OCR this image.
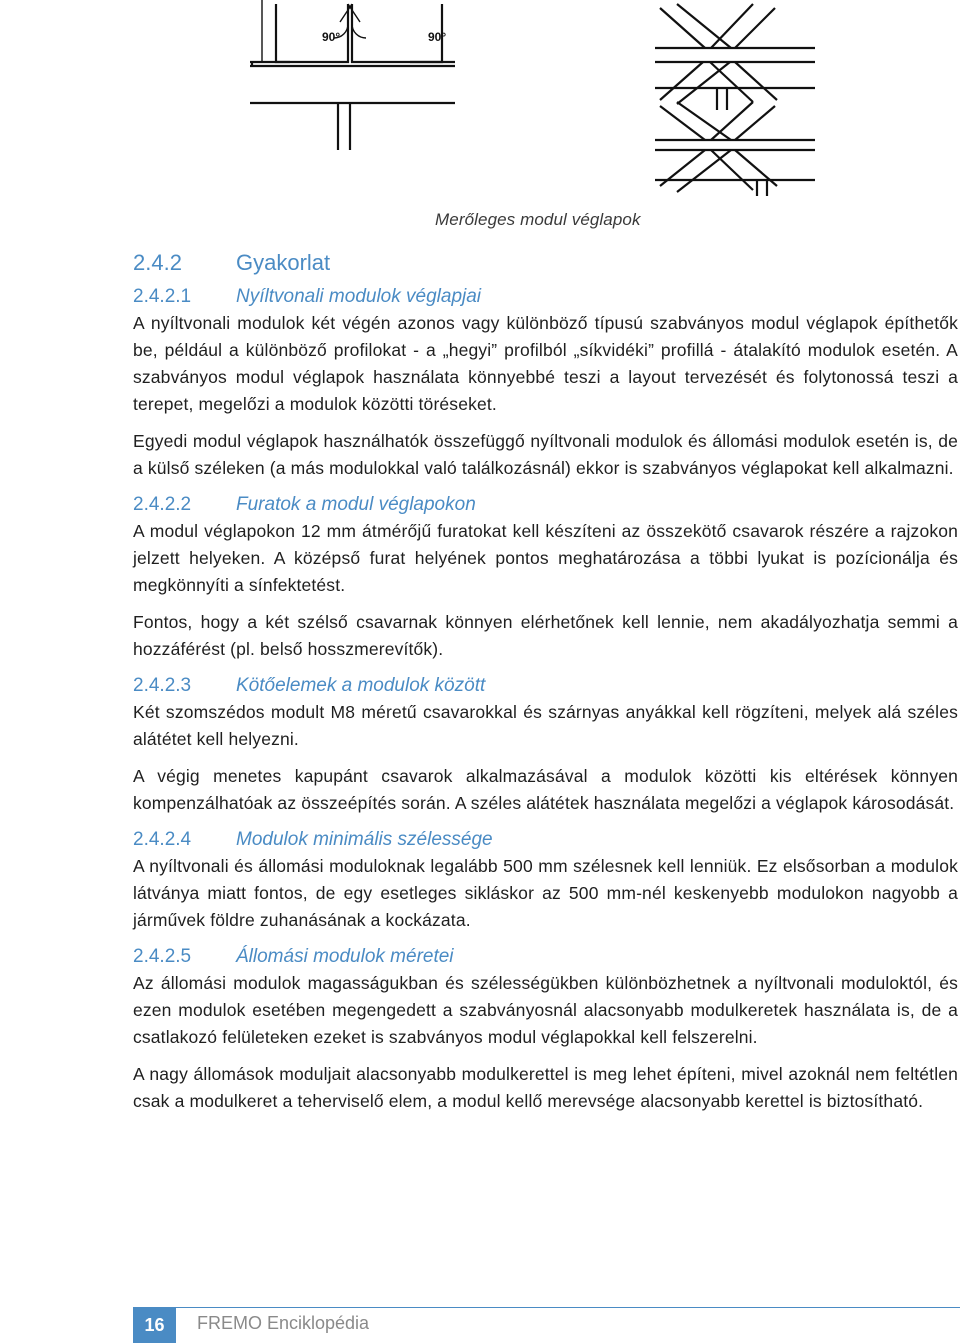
90°	90°
Merőleges modul véglapok
2.4.2	Gyakorlat
2.4.2.1	Nyíltvonali modulok véglapjai

A nyíltvonali modulok két végén azonos vagy különböző típusú szabványos modul véglapok építhetők be, például a különböző profilokat - a „hegyi” profilból „síkvidéki” profillá - átalakító modulok esetén. A szabványos modul véglapok használata könnyebbé teszi a layout tervezését és folytonossá teszi a terepet, megelőzi a modulok közötti töréseket.

Egyedi modul véglapok használhatók összefüggő nyíltvonali modulok és állomási modulok esetén is, de a külső széleken (a más modulokkal való találkozásnál) ekkor is szabványos véglapokat kell alkalmazni.

2.4.2.2	Furatok a modul véglapokon

A modul véglapokon 12 mm átmérőjű furatokat kell készíteni az összekötő csavarok részére a rajzokon jelzett helyeken. A középső furat helyének pontos meghatározása a többi lyukat is pozícionálja és megkönnyíti a sínfektetést.

Fontos, hogy a két szélső csavarnak könnyen elérhetőnek kell lennie, nem akadályozhatja semmi a hozzáférést (pl. belső hosszmerevítők).

2.4.2.3	Kötőelemek a modulok között

Két szomszédos modult M8 méretű csavarokkal és szárnyas anyákkal kell rögzíteni, melyek alá széles alátétet kell helyezni.

A végig menetes kapupánt csavarok alkalmazásával a modulok közötti kis eltérések könnyen kompenzálhatóak az összeépítés során. A széles alátétek használata megelőzi a véglapok károsodását.

2.4.2.4	Modulok minimális szélessége

A nyíltvonali és állomási moduloknak legalább 500 mm szélesnek kell lenniük. Ez elsősorban a modulok látványa miatt fontos, de egy esetleges sikláskor az 500 mm-nél keskenyebb modulokon nagyobb a járművek földre zuhanásának a kockázata.

2.4.2.5	Állomási modulok méretei

Az állomási modulok magasságukban és szélességükben különbözhetnek a nyíltvonali moduloktól, és ezen modulok esetében megengedett a szabványosnál alacsonyabb modulkeretek használata is, de a csatlakozó felületeken ezeket is szabványos modul véglapokkal kell felszerelni.

A nagy állomások moduljait alacsonyabb modulkerettel is meg lehet építeni, mivel azoknál nem feltétlen csak a modulkeret a teherviselő elem, a modul kellő merevsége alacsonyabb kerettel is biztosítható.

16	FREMO Enciklopédia
